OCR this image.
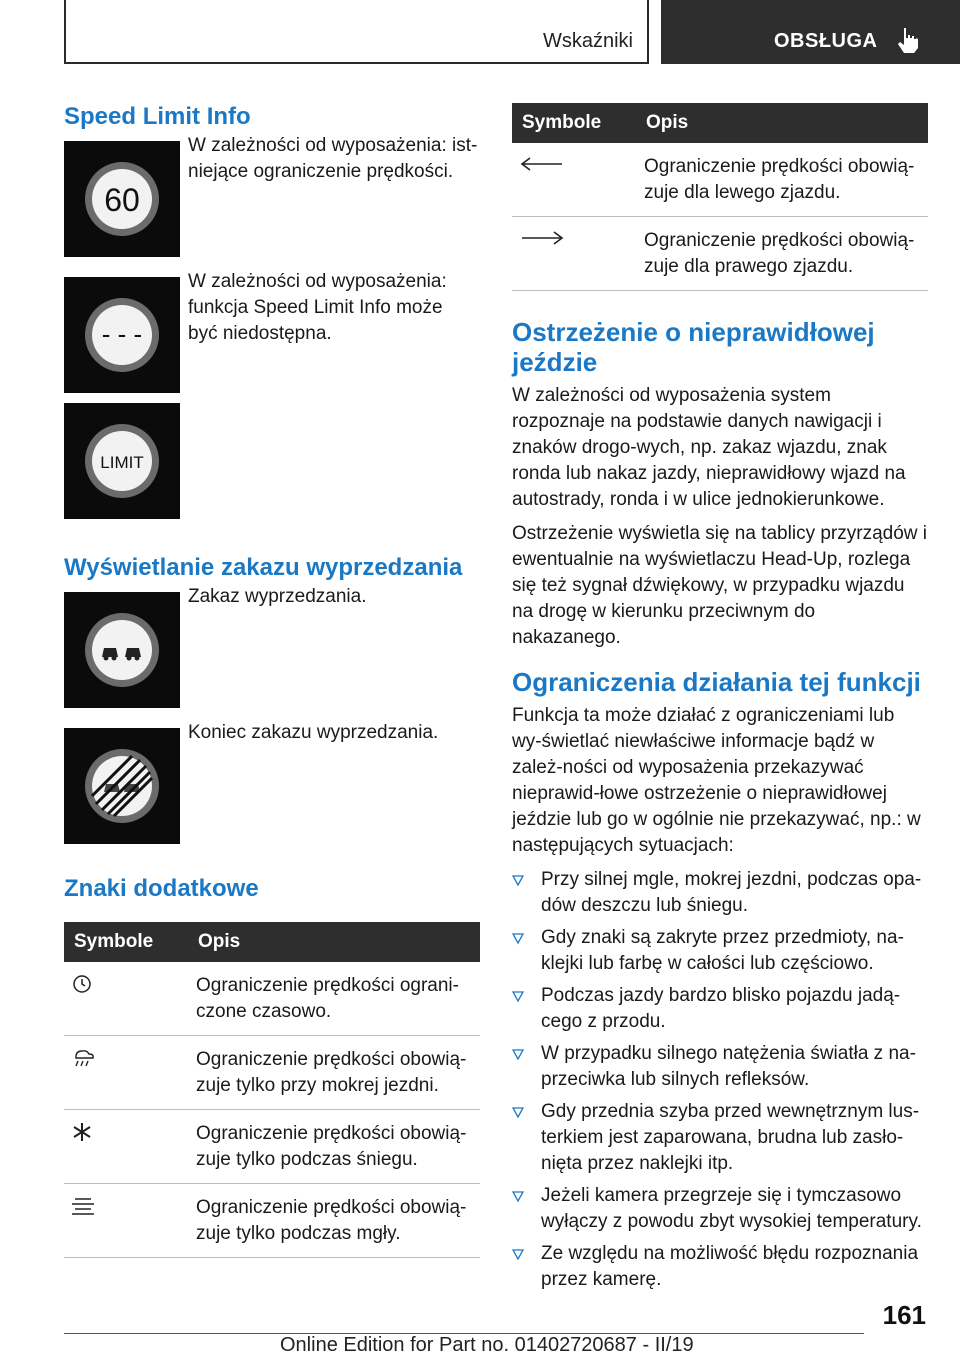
Wskaźniki	OBSŁUGA
Speed Limit Info
60
W zależności od wyposażenia: ist-
niejące ograniczenie prędkości.
- - -
W zależności od wyposażenia:
funkcja Speed Limit Info może
być niedostępna.
LIMIT
Wyświetlanie zakazu wyprzedzania
Zakaz wyprzedzania.
Koniec zakazu wyprzedzania.
Znaki dodatkowe
Symbole	Opis
	Ograniczenie prędkości ograni-
czone czasowo.
	Ograniczenie prędkości obowią-
zuje tylko przy mokrej jezdni.
	Ograniczenie prędkości obowią-
zuje tylko podczas śniegu.
	Ograniczenie prędkości obowią-
zuje tylko podczas mgły.
Symbole	Opis
	Ograniczenie prędkości obowią-
zuje dla lewego zjazdu.
	Ograniczenie prędkości obowią-
zuje dla prawego zjazdu.
Ostrzeżenie o nieprawidłowej jeździe

W zależności od wyposażenia system rozpoznaje na podstawie danych nawigacji i znaków drogo-wych, np. zakaz wjazdu, znak ronda lub nakaz jazdy, nieprawidłowy wjazd na autostrady, ronda i w ulice jednokierunkowe.

Ostrzeżenie wyświetla się na tablicy przyrządów i ewentualnie na wyświetlaczu Head-Up, rozlega się też sygnał dźwiękowy, w przypadku wjazdu na drogę w kierunku przeciwnym do nakazanego.

Ograniczenia działania tej funkcji

Funkcja ta może działać z ograniczeniami lub wy-świetlać niewłaściwe informacje bądź w zależ-ności od wyposażenia przekazywać nieprawid-łowe ostrzeżenie o nieprawidłowej jeździe lub go w ogólnie nie przekazywać, np.: w następujących sytuacjach:

Przy silnej mgle, mokrej jezdni, podczas opa-dów deszczu lub śniegu.
Gdy znaki są zakryte przez przedmioty, na-klejki lub farbę w całości lub częściowo.
Podczas jazdy bardzo blisko pojazdu jadą-cego z przodu.
W przypadku silnego natężenia światła z na-przeciwka lub silnych refleksów.
Gdy przednia szyba przed wewnętrznym lus-terkiem jest zaparowana, brudna lub zasło-nięta przez naklejki itp.
Jeżeli kamera przegrzeje się i tymczasowo wyłączy z powodu zbyt wysokiej temperatury.
Ze względu na możliwość błędu rozpoznania przez kamerę.
161
Online Edition for Part no. 01402720687 - II/19
